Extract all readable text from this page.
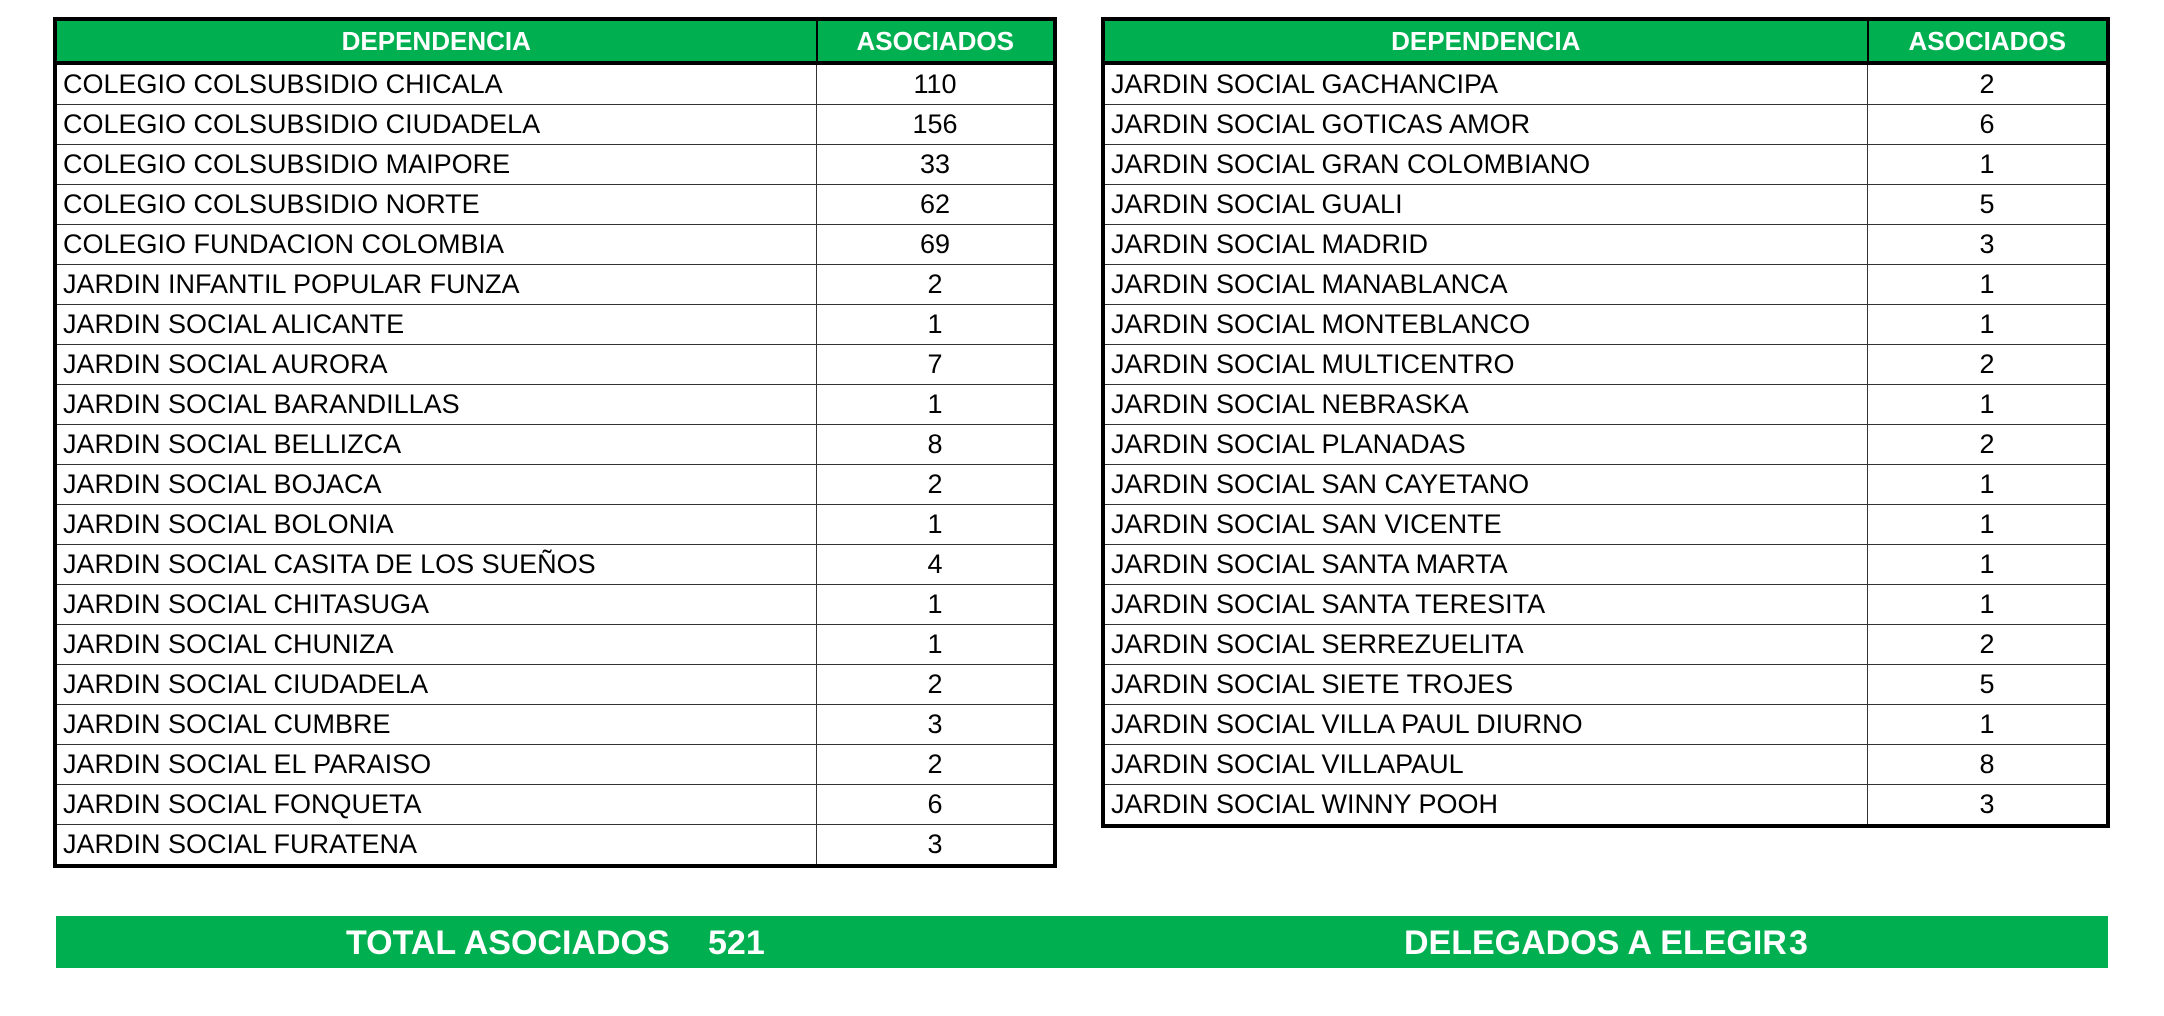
DEPENDENCIA	ASOCIADOS
COLEGIO COLSUBSIDIO CHICALA	110
COLEGIO COLSUBSIDIO CIUDADELA	156
COLEGIO COLSUBSIDIO MAIPORE	33
COLEGIO COLSUBSIDIO NORTE	62
COLEGIO FUNDACION COLOMBIA	69
JARDIN INFANTIL POPULAR FUNZA	2
JARDIN SOCIAL ALICANTE	1
JARDIN SOCIAL AURORA	7
JARDIN SOCIAL BARANDILLAS	1
JARDIN SOCIAL BELLIZCA	8
JARDIN SOCIAL BOJACA	2
JARDIN SOCIAL BOLONIA	1
JARDIN SOCIAL CASITA DE LOS SUEÑOS	4
JARDIN SOCIAL CHITASUGA	1
JARDIN SOCIAL CHUNIZA	1
JARDIN SOCIAL CIUDADELA	2
JARDIN SOCIAL CUMBRE	3
JARDIN SOCIAL EL PARAISO	2
JARDIN SOCIAL FONQUETA	6
JARDIN SOCIAL FURATENA	3
DEPENDENCIA	ASOCIADOS
JARDIN SOCIAL GACHANCIPA	2
JARDIN SOCIAL GOTICAS AMOR	6
JARDIN SOCIAL GRAN COLOMBIANO	1
JARDIN SOCIAL GUALI	5
JARDIN SOCIAL MADRID	3
JARDIN SOCIAL MANABLANCA	1
JARDIN SOCIAL MONTEBLANCO	1
JARDIN SOCIAL MULTICENTRO	2
JARDIN SOCIAL NEBRASKA	1
JARDIN SOCIAL PLANADAS	2
JARDIN SOCIAL SAN CAYETANO	1
JARDIN SOCIAL SAN VICENTE	1
JARDIN SOCIAL SANTA MARTA	1
JARDIN SOCIAL SANTA TERESITA	1
JARDIN SOCIAL SERREZUELITA	2
JARDIN SOCIAL SIETE TROJES	5
JARDIN SOCIAL VILLA PAUL DIURNO	1
JARDIN SOCIAL VILLAPAUL	8
JARDIN SOCIAL WINNY POOH	3
TOTAL ASOCIADOS 521	DELEGADOS A ELEGIR 3
